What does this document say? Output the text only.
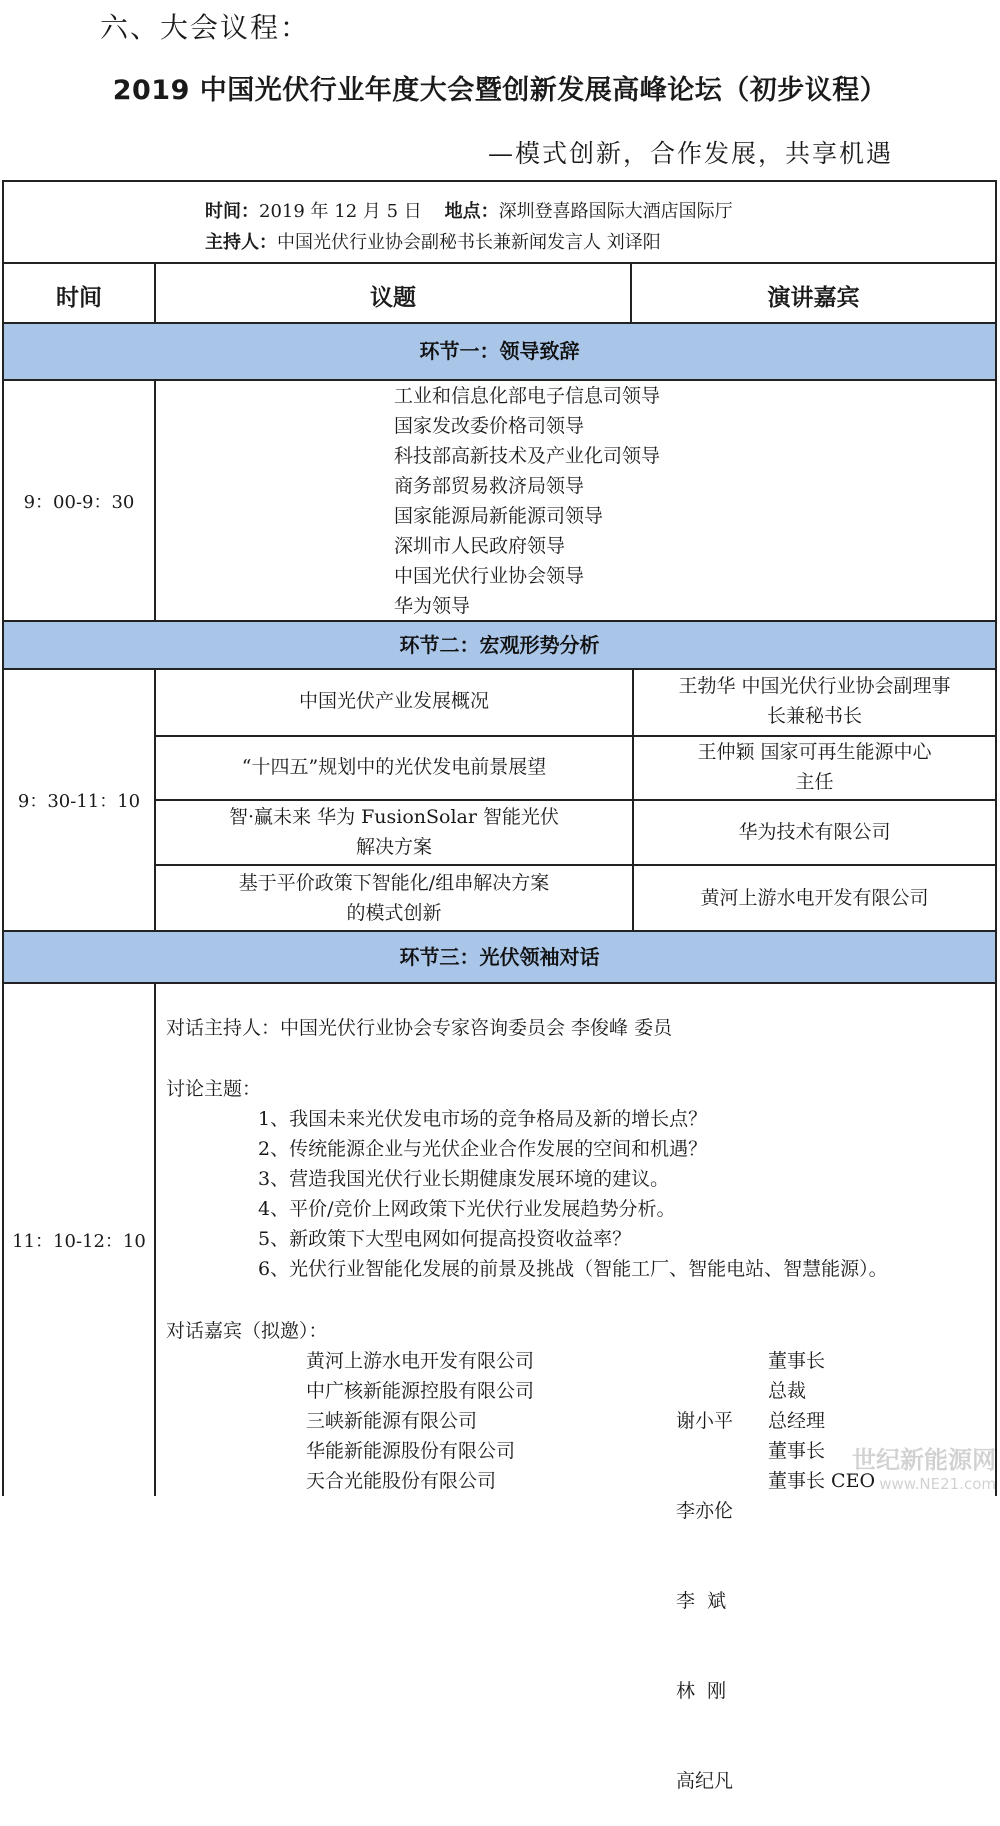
六、大会议程：
2019 中国光伏行业年度大会暨创新发展高峰论坛（初步议程）
—模式创新，合作发展，共享机遇
时间：2019 年 12 月 5 日 地点：深圳登喜路国际大酒店国际厅
主持人：中国光伏行业协会副秘书长兼新闻发言人 刘译阳
时间	议题	演讲嘉宾
环节一：领导致辞
9：00-9：30
工业和信息化部电子信息司领导
国家发改委价格司领导
科技部高新技术及产业化司领导
商务部贸易救济局领导
国家能源局新能源司领导
深圳市人民政府领导
中国光伏行业协会领导
华为领导
环节二：宏观形势分析
9：30-11：10
中国光伏产业发展概况
王勃华 中国光伏行业协会副理事
长兼秘书长
“十四五”规划中的光伏发电前景展望
王仲颖 国家可再生能源中心
主任
智·赢未来 华为 FusionSolar 智能光伏
解决方案
华为技术有限公司
基于平价政策下智能化/组串解决方案
的模式创新
黄河上游水电开发有限公司
环节三：光伏领袖对话
11：10-12：10
对话主持人：中国光伏行业协会专家咨询委员会 李俊峰 委员
讨论主题：
1、我国未来光伏发电市场的竞争格局及新的增长点？
2、传统能源企业与光伏企业合作发展的空间和机遇？
3、营造我国光伏行业长期健康发展环境的建议。
4、平价/竞价上网政策下光伏行业发展趋势分析。
5、新政策下大型电网如何提高投资收益率？
6、光伏行业智能化发展的前景及挑战（智能工厂、智能电站、智慧能源）。
对话嘉宾（拟邀）：
黄河上游水电开发有限公司
中广核新能源控股有限公司
三峡新能源有限公司
华能新能源股份有限公司
天合光能股份有限公司

谢小平

李亦伦

李  斌

林  刚

高纪凡

董事长
总裁
总经理
董事长
董事长 CEO
世纪新能源网
www.NE21.com
